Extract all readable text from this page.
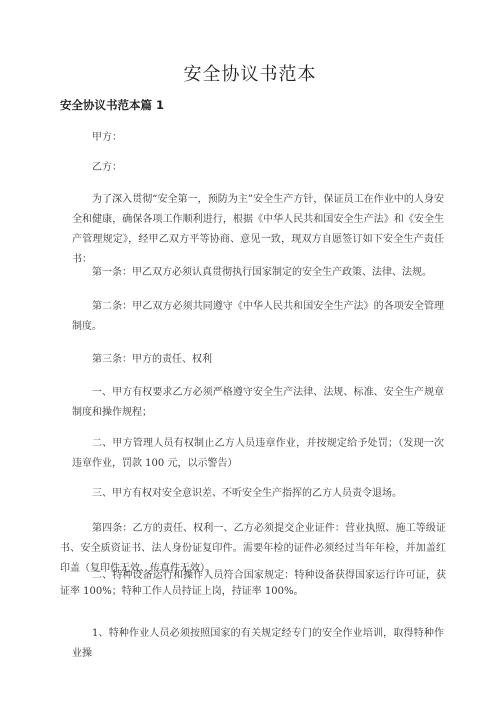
安全协议书范本
安全协议书范本篇 1

甲方：

乙方：

为了深入贯彻“安全第一，预防为主”安全生产方针，保证员工在作业中的人身安全和健康，确保各项工作顺利进行，根据《中华人民共和国安全生产法》和《安全生产管理规定》，经甲乙双方平等协商、意见一致，现双方自愿签订如下安全生产责任书：

第一条：甲乙双方必须认真贯彻执行国家制定的安全生产政策、法律、法规。

第二条：甲乙双方必须共同遵守《中华人民共和国安全生产法》的各项安全管理制度。

第三条：甲方的责任、权利

一、甲方有权要求乙方必须严格遵守安全生产法律、法规、标准、安全生产规章制度和操作规程；

二、甲方管理人员有权制止乙方人员违章作业，并按规定给予处罚；（发现一次违章作业，罚款 100 元，以示警告）

三、甲方有权对安全意识差、不听安全生产指挥的乙方人员责令退场。

第四条：乙方的责任、权利一、乙方必须提交企业证件：营业执照、施工等级证书、安全质资证书、法人身份证复印件。需要年检的证件必须经过当年年检，并加盖红印盖（复印件无效、传真件无效）。

二、特种设备运行和操作人员符合国家规定：特种设备获得国家运行许可证，获证率 100%；特种工作人员持证上岗，持证率 100%。

1、特种作业人员必须按照国家的有关规定经专门的安全作业培训，取得特种作业操
